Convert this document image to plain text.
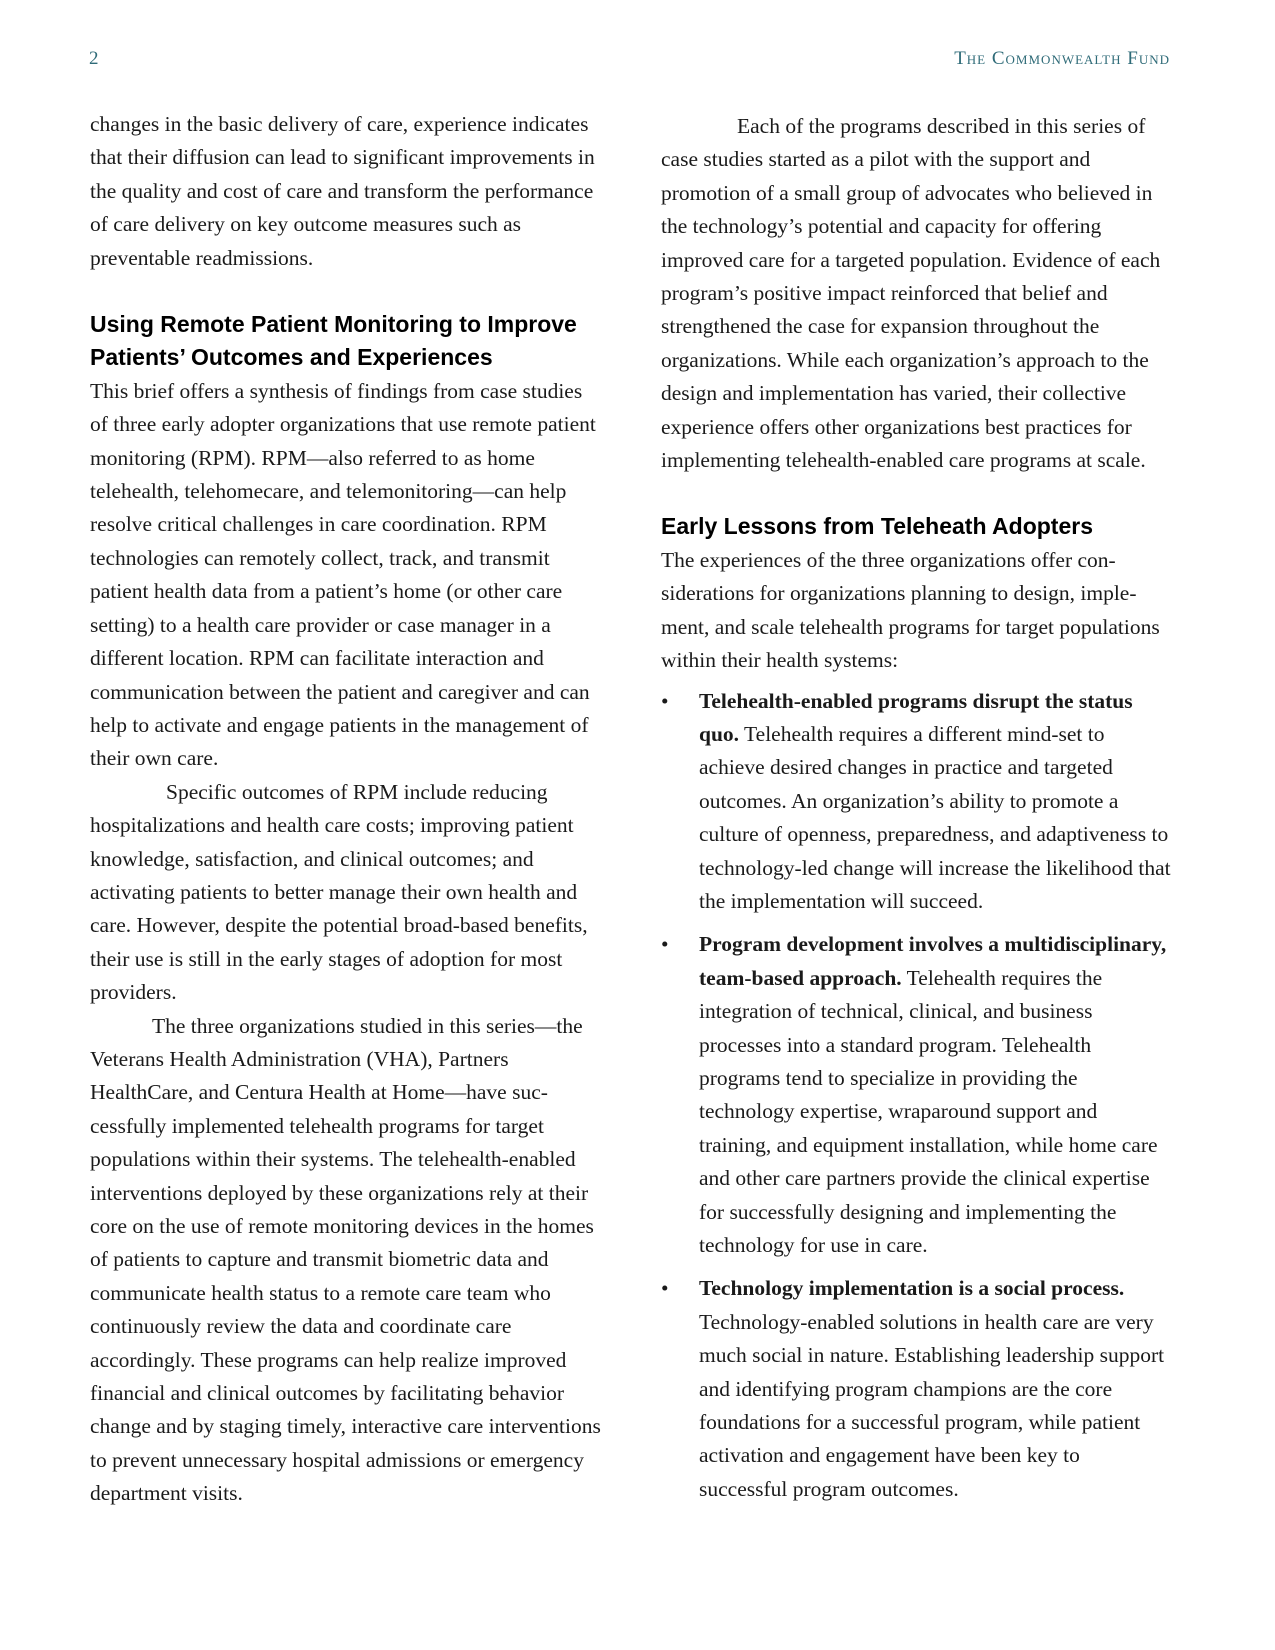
2	The Commonwealth Fund

changes in the basic delivery of care, experience indicates that their diffusion can lead to significant improvements in the quality and cost of care and transform the performance of care delivery on key outcome measures such as preventable readmissions.

Using Remote Patient Monitoring to Improve Patients’ Outcomes and Experiences

This brief offers a synthesis of findings from case studies of three early adopter organizations that use remote patient monitoring (RPM). RPM—also referred to as home telehealth, telehomecare, and telemonitoring—can help resolve critical challenges in care coordination. RPM technologies can remotely collect, track, and transmit patient health data from a patient’s home (or other care setting) to a health care provider or case manager in a different location. RPM can facilitate interaction and communication between the patient and caregiver and can help to activate and engage patients in the management of their own care.

Specific outcomes of RPM include reducing hospitalizations and health care costs; improving patient knowledge, satisfaction, and clinical outcomes; and activating patients to better manage their own health and care. However, despite the potential broad-based benefits, their use is still in the early stages of adoption for most providers.

The three organizations studied in this series—the Veterans Health Administration (VHA), Partners HealthCare, and Centura Health at Home—have successfully implemented telehealth programs for target populations within their systems. The telehealth-enabled interventions deployed by these organizations rely at their core on the use of remote monitoring devices in the homes of patients to capture and transmit biometric data and communicate health status to a remote care team who continuously review the data and coordinate care accordingly. These programs can help realize improved financial and clinical outcomes by facilitating behavior change and by staging timely, interactive care interventions to prevent unnecessary hospital admissions or emergency department visits.

Each of the programs described in this series of case studies started as a pilot with the support and promotion of a small group of advocates who believed in the technology’s potential and capacity for offering improved care for a targeted population. Evidence of each program’s positive impact reinforced that belief and strengthened the case for expansion throughout the organizations. While each organization’s approach to the design and implementation has varied, their collective experience offers other organizations best practices for implementing telehealth-enabled care programs at scale.

Early Lessons from Teleheath Adopters

The experiences of the three organizations offer considerations for organizations planning to design, implement, and scale telehealth programs for target populations within their health systems:

• Telehealth-enabled programs disrupt the status quo. Telehealth requires a different mind-set to achieve desired changes in practice and targeted outcomes. An organization’s ability to promote a culture of openness, preparedness, and adaptiveness to technology-led change will increase the likelihood that the implementation will succeed.
• Program development involves a multidisciplinary, team-based approach. Telehealth requires the integration of technical, clinical, and business processes into a standard program. Telehealth programs tend to specialize in providing the technology expertise, wraparound support and training, and equipment installation, while home care and other care partners provide the clinical expertise for successfully designing and implementing the technology for use in care.
• Technology implementation is a social process. Technology-enabled solutions in health care are very much social in nature. Establishing leadership support and identifying program champions are the core foundations for a successful program, while patient activation and engagement have been key to successful program outcomes.
